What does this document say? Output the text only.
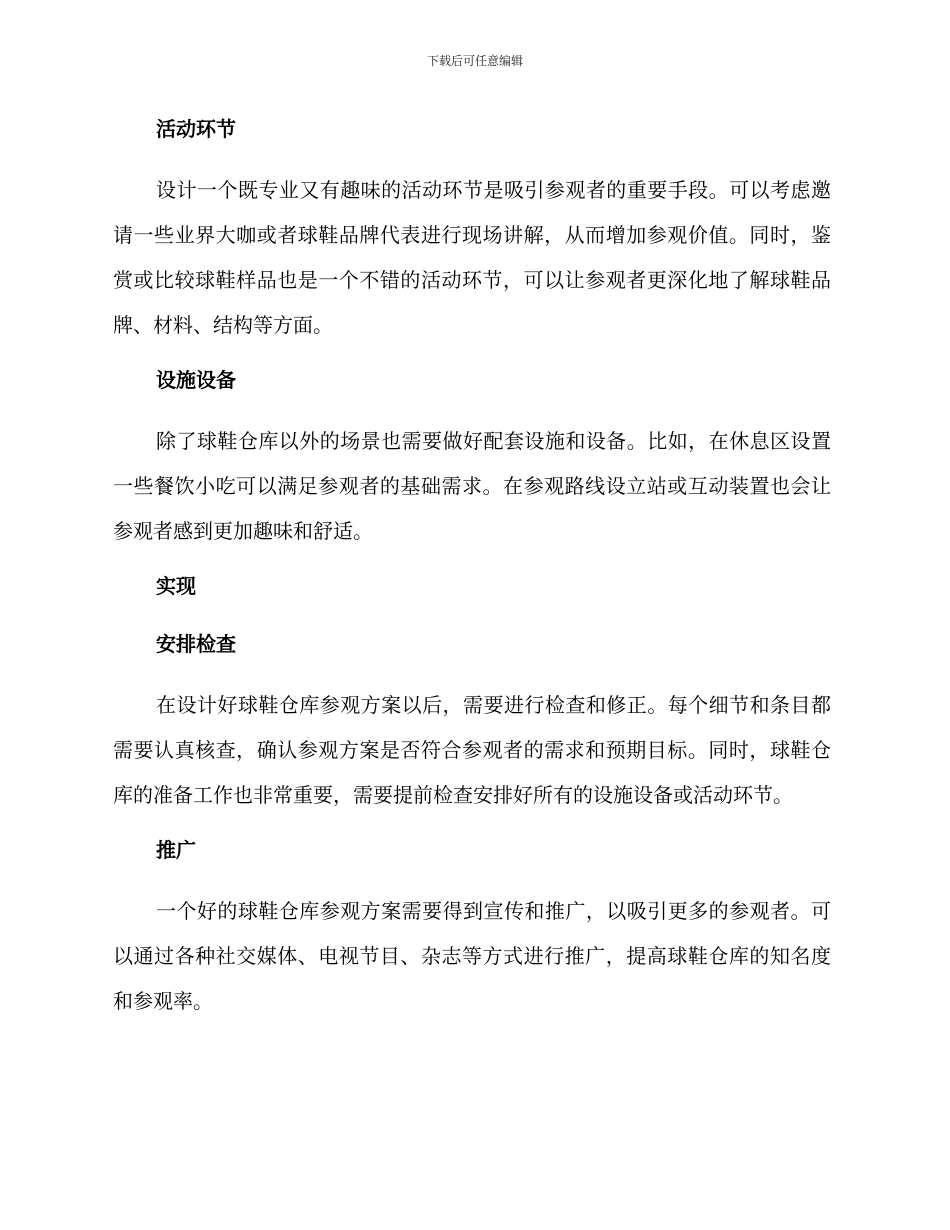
下载后可任意编辑
活动环节

设计一个既专业又有趣味的活动环节是吸引参观者的重要手段。可以考虑邀请一些业界大咖或者球鞋品牌代表进行现场讲解，从而增加参观价值。同时，鉴赏或比较球鞋样品也是一个不错的活动环节，可以让参观者更深化地了解球鞋品牌、材料、结构等方面。

设施设备

除了球鞋仓库以外的场景也需要做好配套设施和设备。比如，在休息区设置一些餐饮小吃可以满足参观者的基础需求。在参观路线设立站或互动装置也会让参观者感到更加趣味和舒适。

实现
安排检查

在设计好球鞋仓库参观方案以后，需要进行检查和修正。每个细节和条目都需要认真核查，确认参观方案是否符合参观者的需求和预期目标。同时，球鞋仓库的准备工作也非常重要，需要提前检查安排好所有的设施设备或活动环节。

推广

一个好的球鞋仓库参观方案需要得到宣传和推广，以吸引更多的参观者。可以通过各种社交媒体、电视节目、杂志等方式进行推广，提高球鞋仓库的知名度和参观率。
